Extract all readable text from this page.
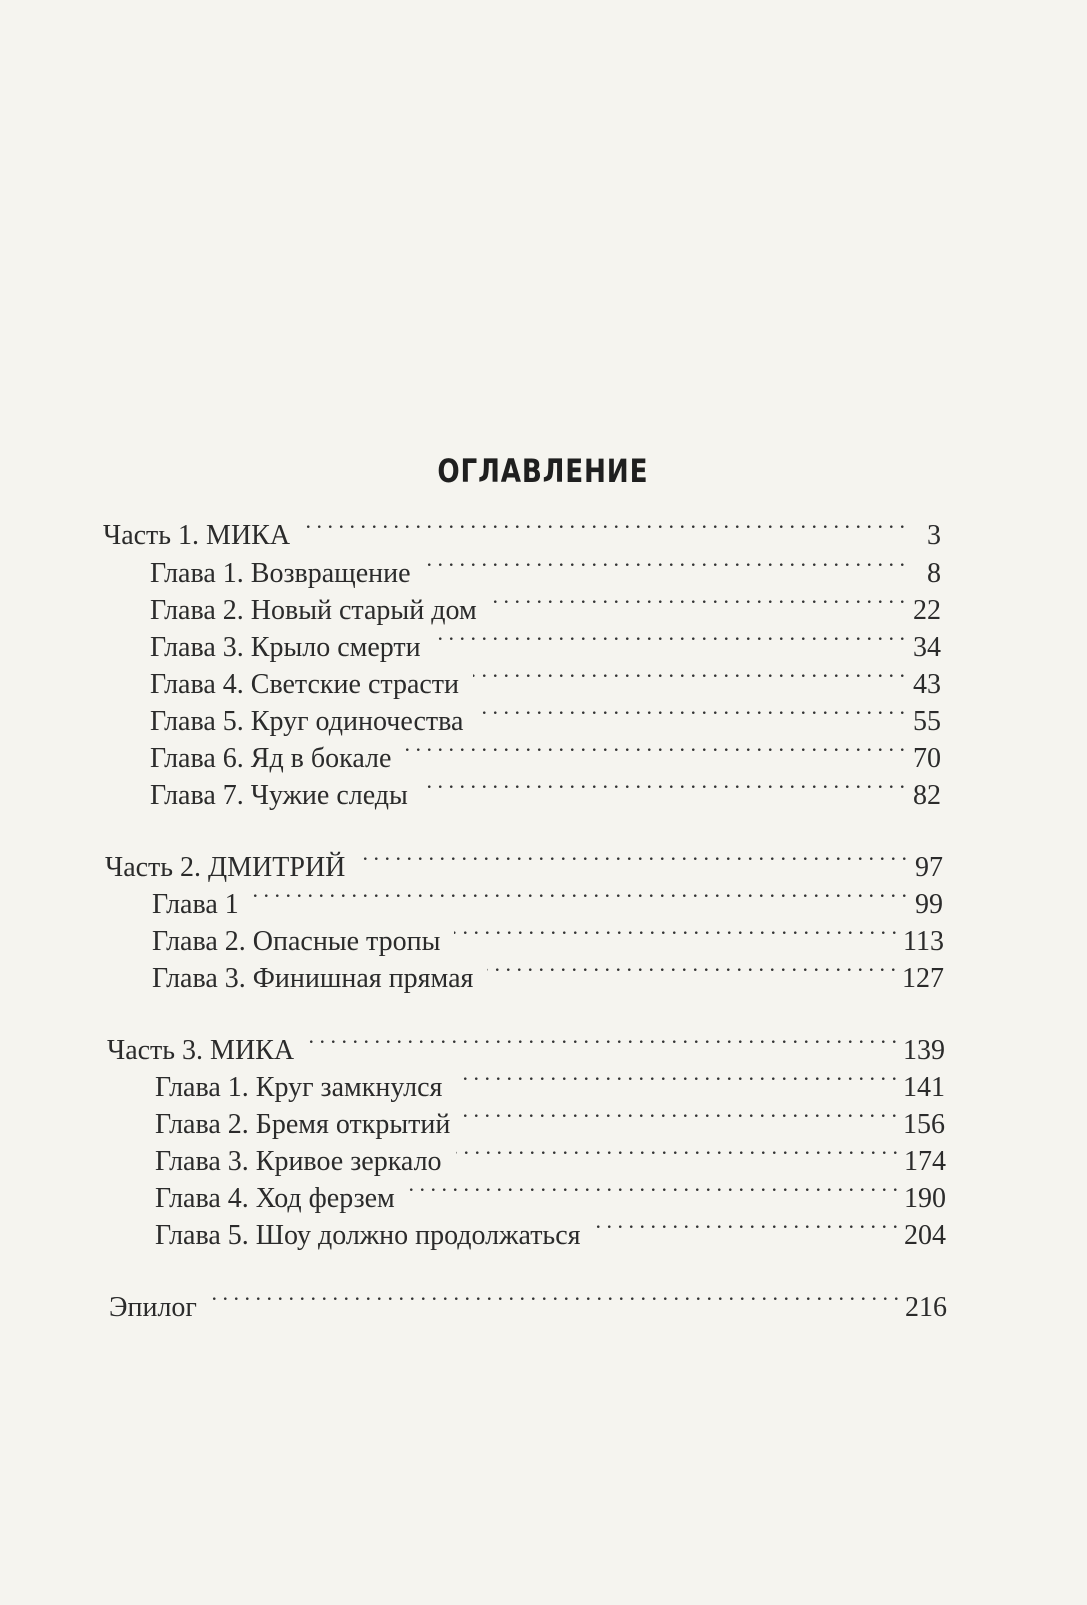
ОГЛАВЛЕНИЕ
Часть 1. МИКА . . .	3
Глава 1. Возвращение . . .	8
Глава 2. Новый старый дом . . .	22
Глава 3. Крыло смерти . . .	34
Глава 4. Светские страсти . . .	43
Глава 5. Круг одиночества . . .	55
Глава 6. Яд в бокале . . .	70
Глава 7. Чужие следы . . .	82
Часть 2. ДМИТРИЙ . . .	97
Глава 1 . . .	99
Глава 2. Опасные тропы . . .	113
Глава 3. Финишная прямая . . .	127
Часть 3. МИКА . . .	139
Глава 1. Круг замкнулся . . .	141
Глава 2. Бремя открытий . . .	156
Глава 3. Кривое зеркало . . .	174
Глава 4. Ход ферзем . . .	190
Глава 5. Шоу должно продолжаться . . .	204
Эпилог . . .	216
